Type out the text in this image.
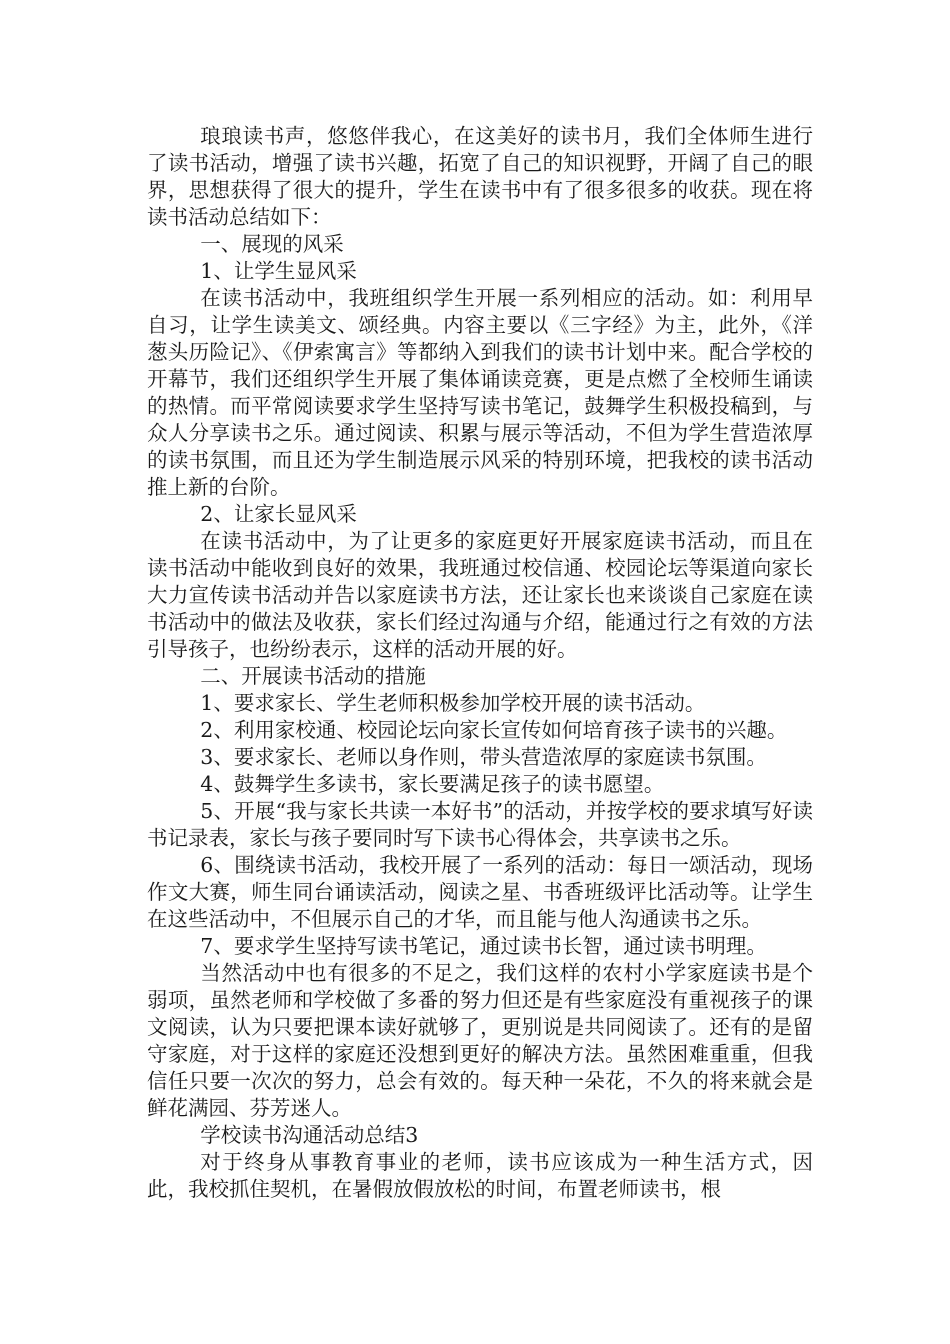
琅琅读书声，悠悠伴我心，在这美好的读书月，我们全体师生进行了读书活动，增强了读书兴趣，拓宽了自己的知识视野，开阔了自己的眼界，思想获得了很大的提升，学生在读书中有了很多很多的收获。现在将读书活动总结如下：

一、展现的风采

1、让学生显风采

在读书活动中，我班组织学生开展一系列相应的活动。如：利用早自习，让学生读美文、颂经典。内容主要以《三字经》为主，此外，《洋葱头历险记》、《伊索寓言》等都纳入到我们的读书计划中来。配合学校的开幕节，我们还组织学生开展了集体诵读竞赛，更是点燃了全校师生诵读的热情。而平常阅读要求学生坚持写读书笔记，鼓舞学生积极投稿到，与众人分享读书之乐。通过阅读、积累与展示等活动，不但为学生营造浓厚的读书氛围，而且还为学生制造展示风采的特别环境，把我校的读书活动推上新的台阶。

2、让家长显风采

在读书活动中，为了让更多的家庭更好开展家庭读书活动，而且在读书活动中能收到良好的效果，我班通过校信通、校园论坛等渠道向家长大力宣传读书活动并告以家庭读书方法，还让家长也来谈谈自己家庭在读书活动中的做法及收获，家长们经过沟通与介绍，能通过行之有效的方法引导孩子，也纷纷表示，这样的活动开展的好。

二、开展读书活动的措施

1、要求家长、学生老师积极参加学校开展的读书活动。

2、利用家校通、校园论坛向家长宣传如何培育孩子读书的兴趣。

3、要求家长、老师以身作则，带头营造浓厚的家庭读书氛围。

4、鼓舞学生多读书，家长要满足孩子的读书愿望。

5、开展“我与家长共读一本好书”的活动，并按学校的要求填写好读书记录表，家长与孩子要同时写下读书心得体会，共享读书之乐。

6、围绕读书活动，我校开展了一系列的活动：每日一颂活动，现场作文大赛，师生同台诵读活动，阅读之星、书香班级评比活动等。让学生在这些活动中，不但展示自己的才华，而且能与他人沟通读书之乐。

7、要求学生坚持写读书笔记，通过读书长智，通过读书明理。

当然活动中也有很多的不足之，我们这样的农村小学家庭读书是个弱项，虽然老师和学校做了多番的努力但还是有些家庭没有重视孩子的课文阅读，认为只要把课本读好就够了，更别说是共同阅读了。还有的是留守家庭，对于这样的家庭还没想到更好的解决方法。虽然困难重重，但我信任只要一次次的努力，总会有效的。每天种一朵花，不久的将来就会是鲜花满园、芬芳迷人。

学校读书沟通活动总结3

对于终身从事教育事业的老师，读书应该成为一种生活方式，因此，我校抓住契机，在暑假放假放松的时间，布置老师读书，根
